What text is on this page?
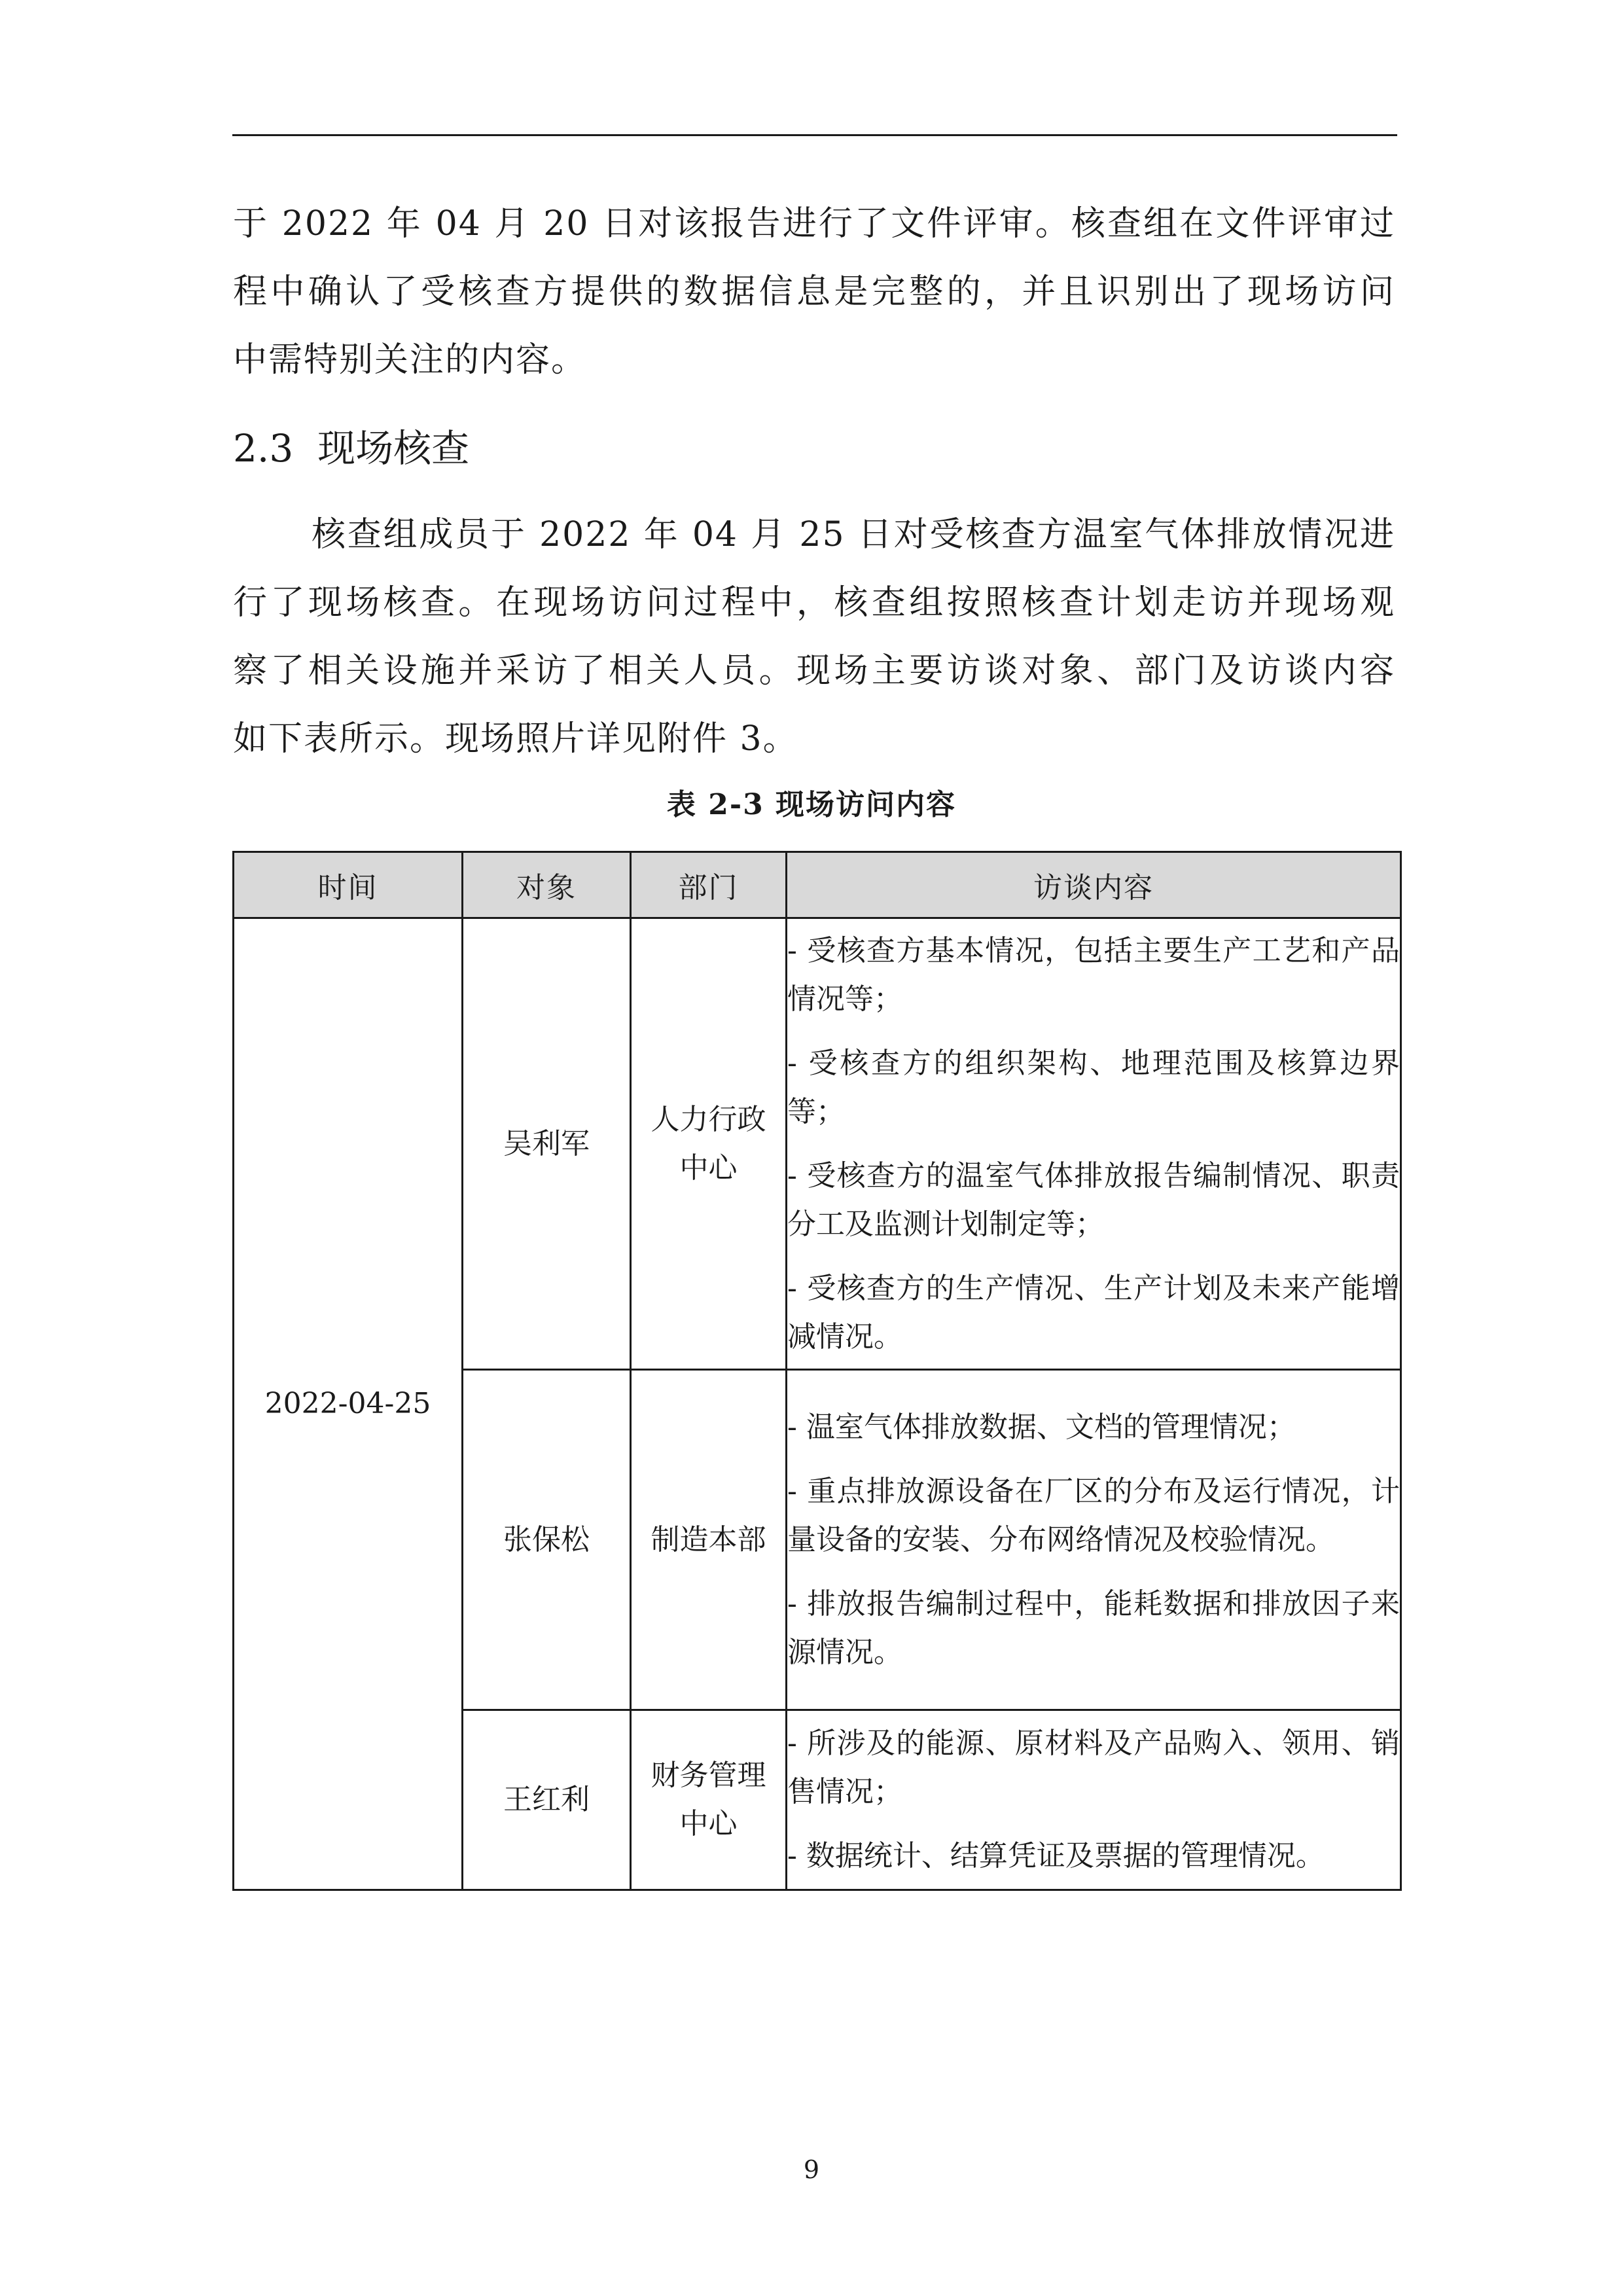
于 2022 年 04 月 20 日对该报告进行了文件评审。核查组在文件评审过
程中确认了受核查方提供的数据信息是完整的，并且识别出了现场访问
中需特别关注的内容。
2.3 现场核查
核查组成员于 2022 年 04 月 25 日对受核查方温室气体排放情况进
行了现场核查。在现场访问过程中，核查组按照核查计划走访并现场观
察了相关设施并采访了相关人员。现场主要访谈对象、部门及访谈内容
如下表所示。现场照片详见附件 3。
表 2-3 现场访问内容
时间	对象	部门	访谈内容
2022-04-25	吴利军	人力行政中心	- 受核查方基本情况，包括主要生产工艺和产品情况等；
- 受核查方的组织架构、地理范围及核算边界等；
- 受核查方的温室气体排放报告编制情况、职责分工及监测计划制定等；
- 受核查方的生产情况、生产计划及未来产能增减情况。

	张保松	制造本部	- 温室气体排放数据、文档的管理情况；
- 重点排放源设备在厂区的分布及运行情况，计量设备的安装、分布网络情况及校验情况。
- 排放报告编制过程中，能耗数据和排放因子来源情况。

	王红利	财务管理中心	- 所涉及的能源、原材料及产品购入、领用、销售情况；
- 数据统计、结算凭证及票据的管理情况。
9
